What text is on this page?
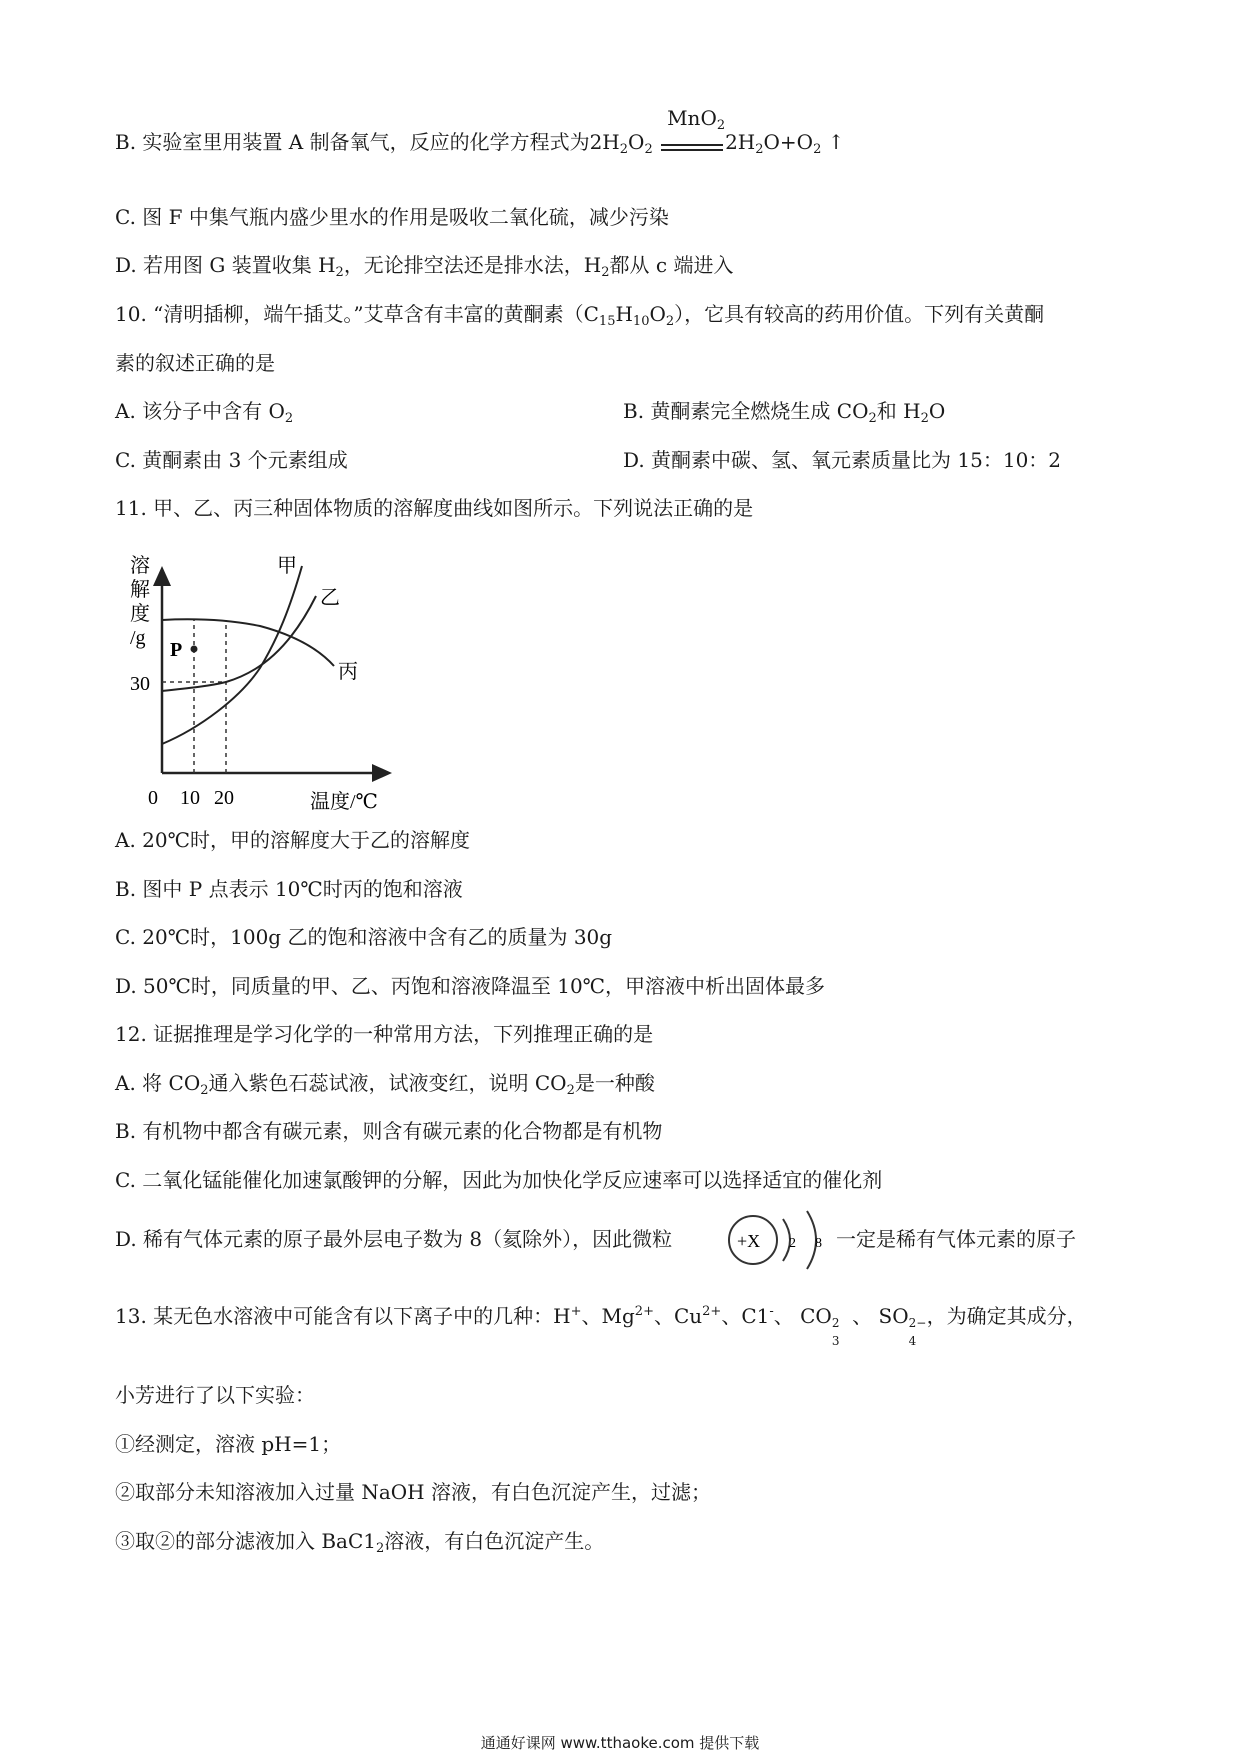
B. 实验室里用装置 A 制备氧气，反应的化学方程式为$2H_2O_2$
MnO$_2$
$2H_2O+O_2$ ↑
C. 图 F 中集气瓶内盛少里水的作用是吸收二氧化硫，减少污染
D. 若用图 G 装置收集 $H_2$，无论排空法还是排水法，$H_2$都从 c 端进入
10. “清明插柳，端午插艾。”艾草含有丰富的黄酮素$(C_{15}H_{10}O_2)$，它具有较高的药用价值。下列有关黄酮
素的叙述正确的是
A. 该分子中含有 $O_2$	B. 黄酮素完全燃烧生成 $CO_2$和 $H_2O$
C. 黄酮素由 3 个元素组成	D. 黄酮素中碳、氢、氧元素质量比为 15：10：2
11. 甲、乙、丙三种固体物质的溶解度曲线如图所示。下列说法正确的是
溶
解
度
/g
甲
乙
丙
P
30
0 10 20	温度/℃
A. 20℃时，甲的溶解度大于乙的溶解度
B. 图中 P 点表示 10℃时丙的饱和溶液
C. 20℃时，100g 乙的饱和溶液中含有乙的质量为 30g
D. 50℃时，同质量的甲、乙、丙饱和溶液降温至 10℃，甲溶液中析出固体最多
12. 证据推理是学习化学的一种常用方法，下列推理正确的是
A. 将 $CO_2$通入紫色石蕊试液，试液变红，说明 $CO_2$是一种酸
B. 有机物中都含有碳元素，则含有碳元素的化合物都是有机物
C. 二氧化锰能催化加速氯酸钾的分解，因此为加快化学反应速率可以选择适宜的催化剂
D. 稀有气体元素的原子最外层电子数为 8（氦除外），因此微粒	+X 2 8 一定是稀有气体元素的原子
13. 某无色水溶液中可能含有以下离子中的几种：H+、$Mg^{2+}$、$Cu^{2+}$、C1-、 CO 2
3
、 SO 2−
4
，为确定其成分，
小芳进行了以下实验：
①经测定，溶液 pH=1；
②取部分未知溶液加入过量 NaOH 溶液，有白色沉淀产生，过滤；
③取②的部分滤液加入 $BaC1_2$溶液，有白色沉淀产生。
通通好课网 www.tthaoke.com 提供下载
